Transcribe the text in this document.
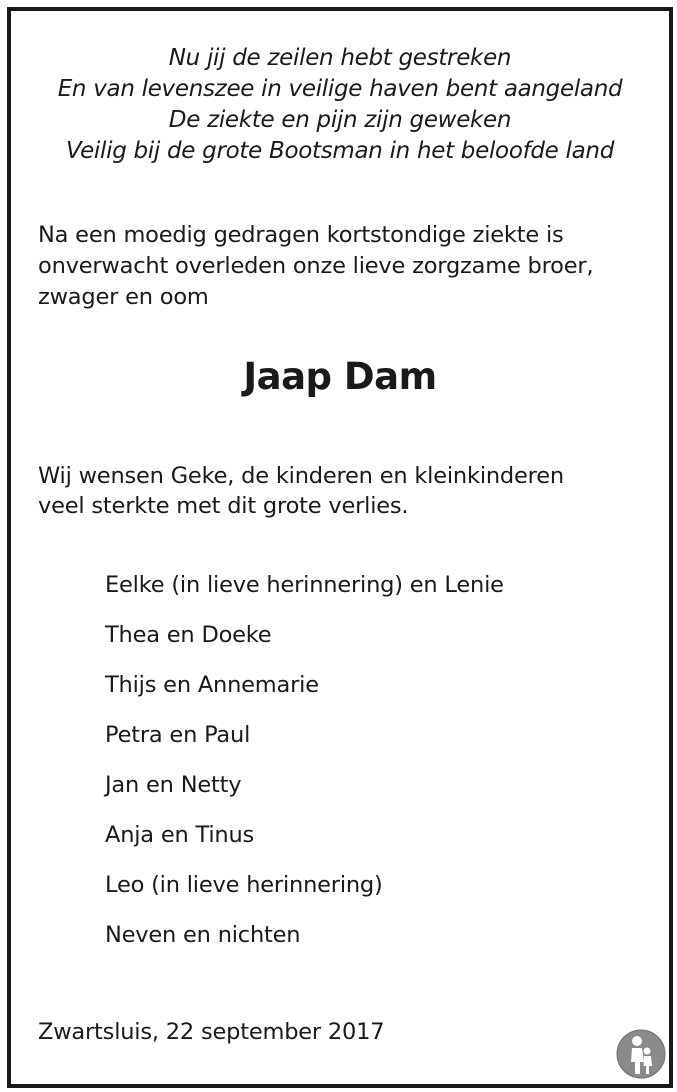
Nu jij de zeilen hebt gestreken
En van levenszee in veilige haven bent aangeland
De ziekte en pijn zijn geweken
Veilig bij de grote Bootsman in het beloofde land
Na een moedig gedragen kortstondige ziekte is
onverwacht overleden onze lieve zorgzame broer,
zwager en oom
Jaap Dam
Wij wensen Geke, de kinderen en kleinkinderen
veel sterkte met dit grote verlies.
Eelke (in lieve herinnering) en Lenie
Thea en Doeke
Thijs en Annemarie
Petra en Paul
Jan en Netty
Anja en Tinus
Leo (in lieve herinnering)
Neven en nichten
Zwartsluis, 22 september 2017
